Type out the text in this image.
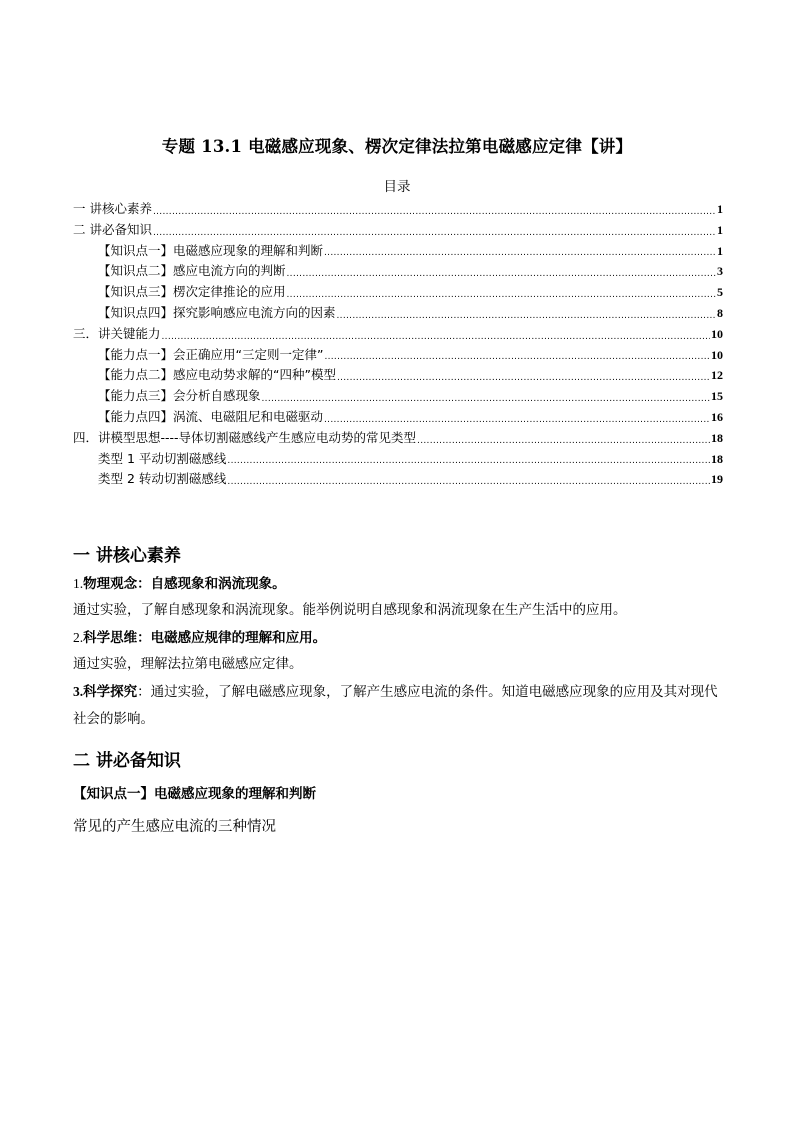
专题 13.1 电磁感应现象、楞次定律法拉第电磁感应定律【讲】
目录
一 讲核心素养 .....	1
二 讲必备知识 .....	1
【知识点一】电磁感应现象的理解和判断 .....	1
【知识点二】感应电流方向的判断 .....	3
【知识点三】楞次定律推论的应用 .....	5
【知识点四】探究影响感应电流方向的因素 .....	8
三．讲关键能力 .....	10
【能力点一】会正确应用“三定则一定律” .....	10
【能力点二】感应电动势求解的“四种”模型 .....	12
【能力点三】会分析自感现象 .....	15
【能力点四】涡流、电磁阻尼和电磁驱动 .....	16
四．讲模型思想----导体切割磁感线产生感应电动势的常见类型 .....	18
类型 1 平动切割磁感线 .....	18
类型 2 转动切割磁感线 .....	19
一 讲核心素养
1.物理观念：自感现象和涡流现象。
通过实验，了解自感现象和涡流现象。能举例说明自感现象和涡流现象在生产生活中的应用。
2.科学思维：电磁感应规律的理解和应用。
通过实验，理解法拉第电磁感应定律。
3.科学探究：通过实验，了解电磁感应现象，了解产生感应电流的条件。知道电磁感应现象的应用及其对现代社会的影响。
二 讲必备知识
【知识点一】电磁感应现象的理解和判断
常见的产生感应电流的三种情况
